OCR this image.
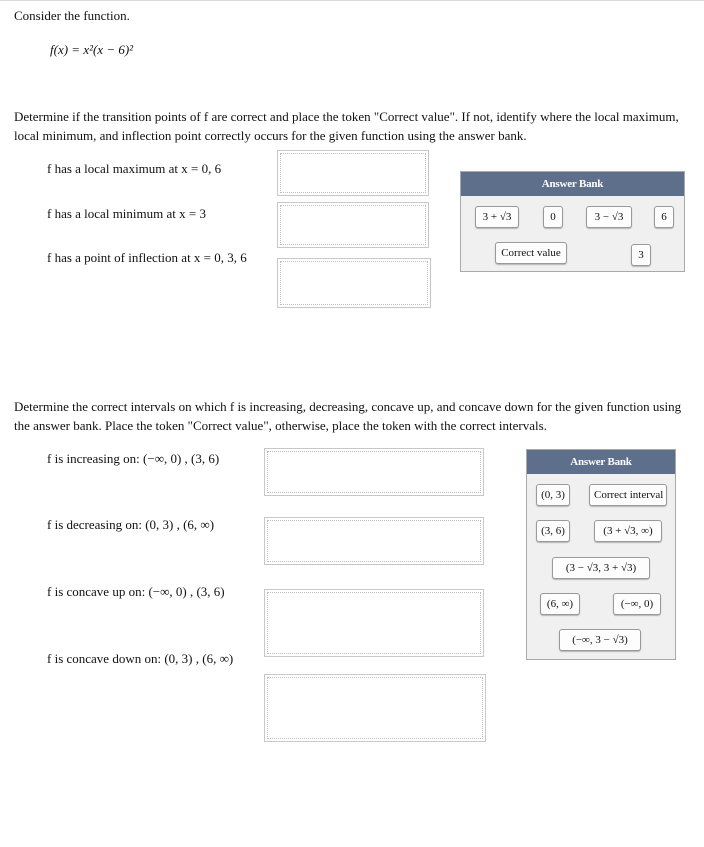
Consider the function.
f(x) = x²(x − 6)²
Determine if the transition points of f are correct and place the token "Correct value". If not, identify where the local maximum, local minimum, and inflection point correctly occurs for the given function using the answer bank.
f has a local maximum at x = 0, 6
f has a local minimum at x = 3
f has a point of inflection at x = 0, 3, 6
Answer Bank
3 + √3	0	3 − √3	6
Correct value	3
Determine the correct intervals on which f is increasing, decreasing, concave up, and concave down for the given function using the answer bank. Place the token "Correct value", otherwise, place the token with the correct intervals.
f is increasing on: (−∞, 0) , (3, 6)
f is decreasing on: (0, 3) , (6, ∞)
f is concave up on: (−∞, 0) , (3, 6)
f is concave down on: (0, 3) , (6, ∞)
Answer Bank
(0, 3)	Correct interval
(3, 6)	(3 + √3, ∞)
(3 − √3, 3 + √3)
(6, ∞)	(−∞, 0)
(−∞, 3 − √3)
